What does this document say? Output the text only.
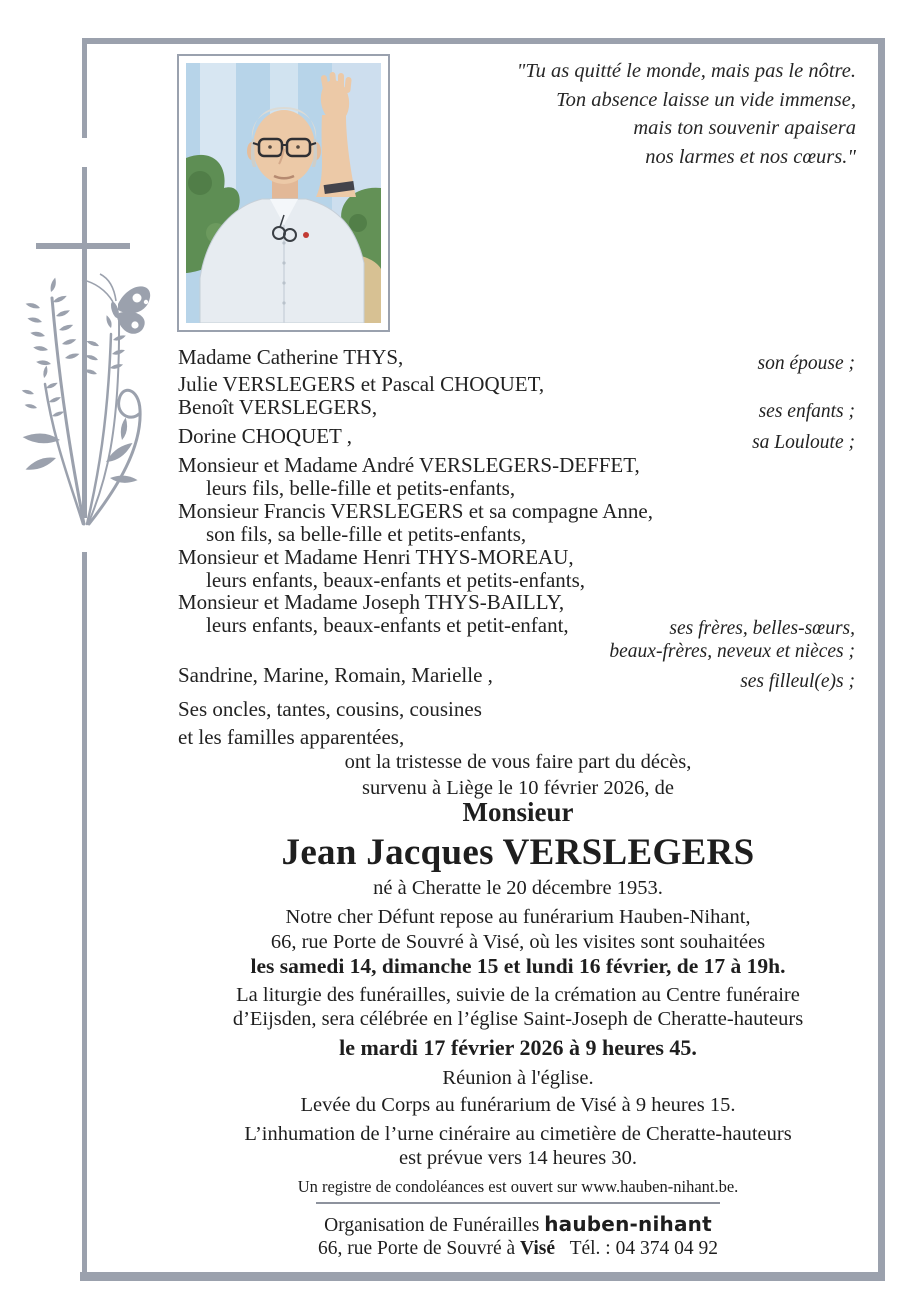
"Tu as quitté le monde, mais pas le nôtre.
Ton absence laisse un vide immense,
mais ton souvenir apaisera
nos larmes et nos cœurs."
Madame Catherine THYS,	son épouse ;
Julie VERSLEGERS et Pascal CHOQUET,
Benoît VERSLEGERS,	ses enfants ;
Dorine CHOQUET ,	sa Louloute ;
Monsieur et Madame André VERSLEGERS-DEFFET,
leurs fils, belle-fille et petits-enfants,
Monsieur Francis VERSLEGERS et sa compagne Anne,
son fils, sa belle-fille et petits-enfants,
Monsieur et Madame Henri THYS-MOREAU,
leurs enfants, beaux-enfants et petits-enfants,
Monsieur et Madame Joseph THYS-BAILLY,
leurs enfants, beaux-enfants et petit-enfant,	ses frères, belles-sœurs,
beaux-frères, neveux et nièces ;
Sandrine, Marine, Romain, Marielle ,	ses filleul(e)s ;
Ses oncles, tantes, cousins, cousines
et les familles apparentées,
ont la tristesse de vous faire part du décès,
survenu à Liège le 10 février 2026, de
Monsieur
Jean Jacques VERSLEGERS
né à Cheratte le 20 décembre 1953.
Notre cher Défunt repose au funérarium Hauben-Nihant,
66, rue Porte de Souvré à Visé, où les visites sont souhaitées
les samedi 14, dimanche 15 et lundi 16 février, de 17 à 19h.
La liturgie des funérailles, suivie de la crémation au Centre funéraire
d’Eijsden, sera célébrée en l’église Saint-Joseph de Cheratte-hauteurs
le mardi 17 février 2026 à 9 heures 45.
Réunion à l'église.
Levée du Corps au funérarium de Visé à 9 heures 15.
L’inhumation de l’urne cinéraire au cimetière de Cheratte-hauteurs
est prévue vers 14 heures 30.
Un registre de condoléances est ouvert sur www.hauben-nihant.be.
Organisation de Funérailles hauben-nihant
66, rue Porte de Souvré à Visé Tél. : 04 374 04 92
